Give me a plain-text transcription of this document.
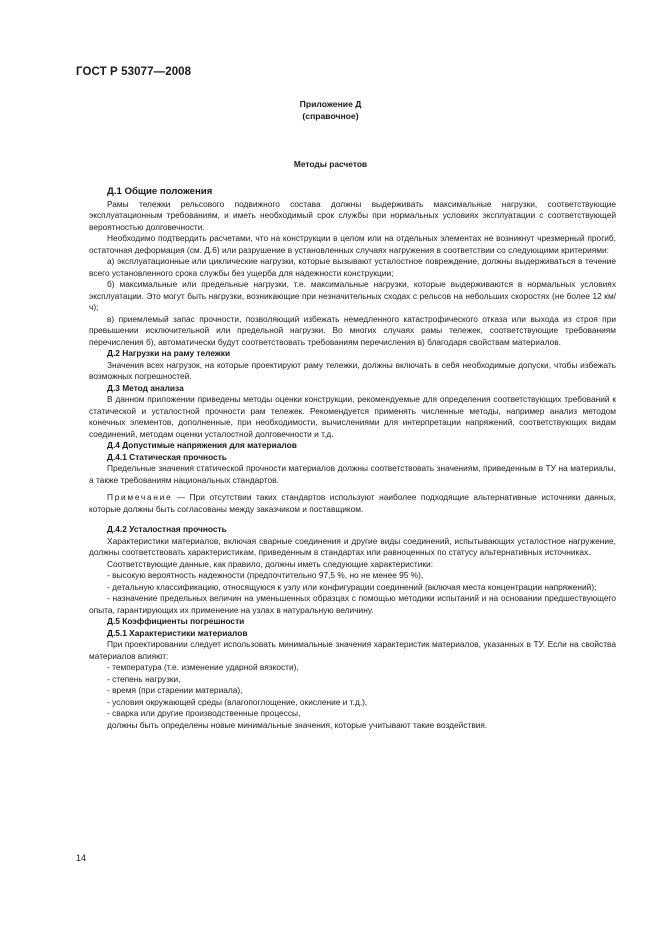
ГОСТ Р 53077—2008
Приложение Д
(справочное)
Методы расчетов

Д.1 Общие положения

Рамы тележки рельсового подвижного состава должны выдерживать максимальные нагрузки, соответствующие эксплуатационным требованиям, и иметь необходимый срок службы при нормальных условиях эксплуатации с соответствующей вероятностью долговечности.

Необходимо подтвердить расчетами, что на конструкции в целом или на отдельных элементах не возникнут чрезмерный прогиб, остаточная деформация (см. Д.6) или разрушение в установленных случаях нагружения в соответствии со следующими критериями:

а) эксплуатационные или циклические нагрузки, которые вызывают усталостное повреждение, должны выдерживаться в течение всего установленного срока службы без ущерба для надежности конструкции;

б) максимальные или предельные нагрузки, т.е. максимальные нагрузки, которые выдерживаются в нормальных условиях эксплуатации. Это могут быть нагрузки, возникающие при незначительных сходах с рельсов на небольших скоростях (не более 12 км/ч);

в) приемлемый запас прочности, позволяющий избежать немедленного катастрофического отказа или выхода из строя при превышении исключительной или предельной нагрузки. Во многих случаях рамы тележек, соответствующие требованиям перечисления б), автоматически будут соответствовать требованиям перечисления в) благодаря свойствам материалов.

Д.2 Нагрузки на раму тележки

Значения всех нагрузок, на которые проектируют раму тележки, должны включать в себя необходимые допуски, чтобы избежать возможных погрешностей.

Д.3 Метод анализа

В данном приложении приведены методы оценки конструкции, рекомендуемые для определения соответствующих требований к статической и усталостной прочности рам тележек. Рекомендуется применять численные методы, например анализ методом конечных элементов, дополненные, при необходимости, вычислениями для интерпретации напряжений, соответствующих видам соединений, методам оценки усталостной долговечности и т.д.

Д.4 Допустимые напряжения для материалов

Д.4.1 Статическая прочность

Предельные значения статической прочности материалов должны соответствовать значениям, приведенным в ТУ на материалы, а также требованиям национальных стандартов.

Примечание — При отсутствии таких стандартов используют наиболее подходящие альтернативные источники данных, которые должны быть согласованы между заказчиком и поставщиком.

Д.4.2 Усталостная прочность

Характеристики материалов, включая сварные соединения и другие виды соединений, испытывающих усталостное нагружение, должны соответствовать характеристикам, приведенным в стандартах или равноценных по статусу альтернативных источниках.

Соответствующие данные, как правило, должны иметь следующие характеристики:

- высокую вероятность надежности (предпочтительно 97,5 %, но не менее 95 %),

- детальную классификацию, относящуюся к узлу или конфигурации соединений (включая места концентрации напряжений);

- назначение предельных величин на уменьшенных образцах с помощью методики испытаний и на основании предшествующего опыта, гарантирующих их применение на узлах в натуральную величину.

Д.5 Коэффициенты погрешности

Д.5.1 Характеристики материалов

При проектировании следует использовать минимальные значения характеристик материалов, указанных в ТУ. Если на свойства материалов влияют:

- температура (т.е. изменение ударной вязкости),

- степень нагрузки,

- время (при старении материала),

- условия окружающей среды (влагопоглощение, окисление и т.д.),

- сварка или другие производственные процессы,

должны быть определены новые минимальные значения, которые учитывают такие воздействия.

14
